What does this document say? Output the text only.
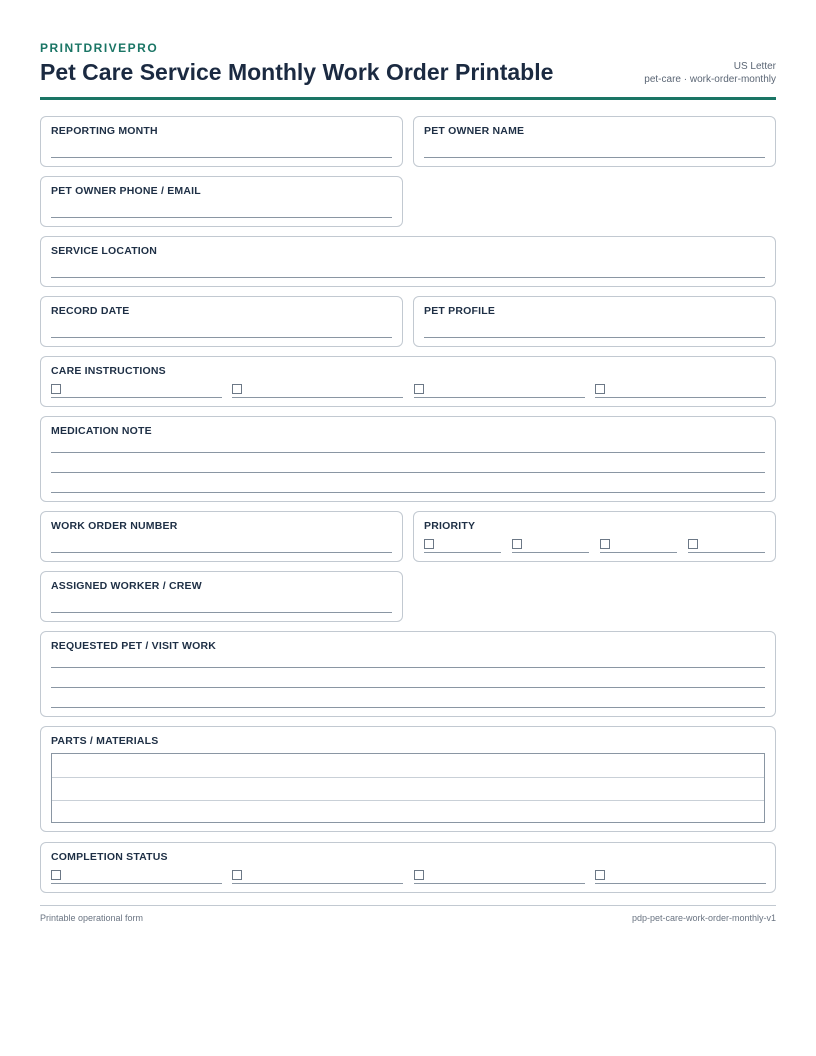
PRINTDRIVEPRO
Pet Care Service Monthly Work Order Printable	US Letter
pet-care · work-order-monthly
REPORTING MONTH	PET OWNER NAME
PET OWNER PHONE / EMAIL
SERVICE LOCATION
RECORD DATE	PET PROFILE
CARE INSTRUCTIONS
MEDICATION NOTE
WORK ORDER NUMBER	PRIORITY
ASSIGNED WORKER / CREW
REQUESTED PET / VISIT WORK
PARTS / MATERIALS
COMPLETION STATUS
Printable operational form	pdp-pet-care-work-order-monthly-v1
